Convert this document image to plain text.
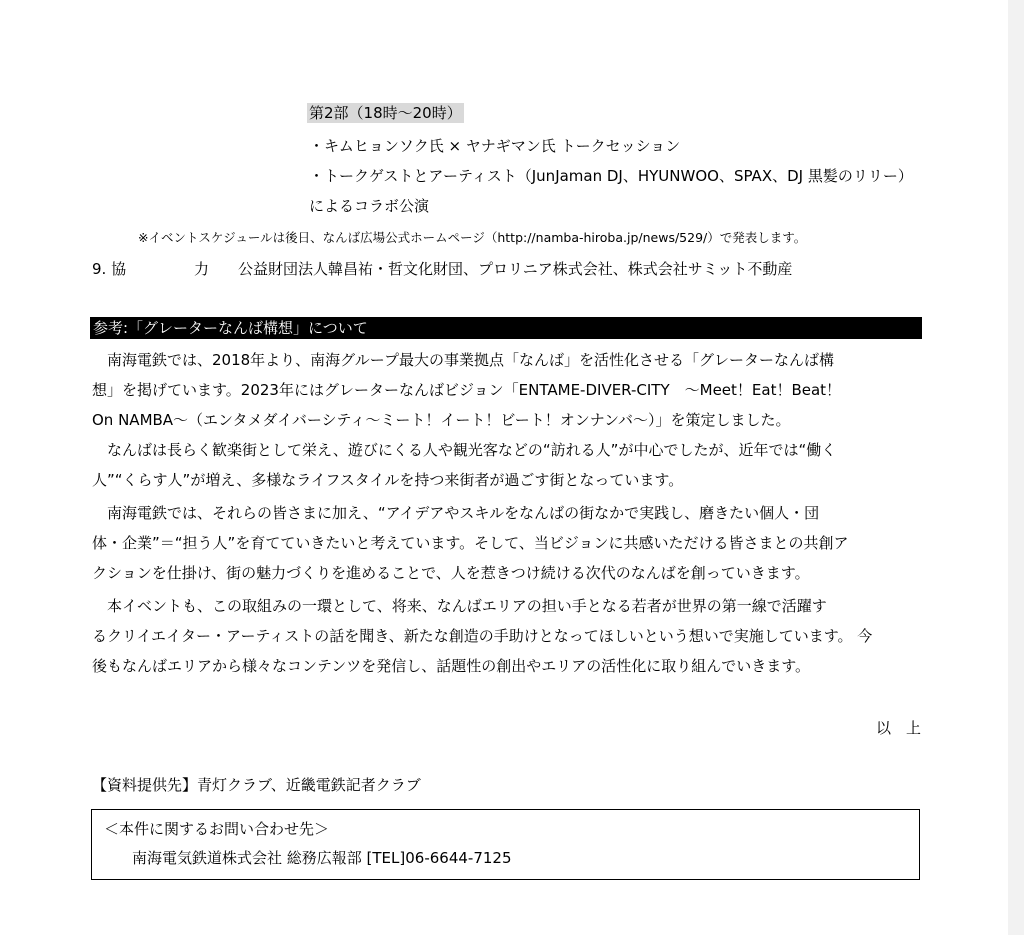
第2部（18時～20時）
・キムヒョンソク氏 × ヤナギマン氏 トークセッション
・トークゲストとアーティスト（JunJaman DJ、HYUNWOO、SPAX、DJ 黒髪のリリー）
によるコラボ公演
※イベントスケジュールは後日、なんば広場公式ホームページ（http://namba-hiroba.jp/news/529/）で発表します。
9. 協	力 公益財団法人韓昌祐・哲文化財団、プロリニア株式会社、株式会社サミット不動産
参考:「グレーターなんば構想」について
　南海電鉄では、2018年より、南海グループ最大の事業拠点「なんば」を活性化させる「グレーターなんば構
想」を掲げています。2023年にはグレーターなんばビジョン「ENTAME-DIVER-CITY　～Meet！Eat！Beat！
On NAMBA～（エンタメダイバーシティ～ミート！イート！ビート！オンナンバ～）」を策定しました。
　なんばは長らく歓楽街として栄え、遊びにくる人や観光客などの“訪れる人”が中心でしたが、近年では“働く
人”“くらす人”が増え、多様なライフスタイルを持つ来街者が過ごす街となっています。
　南海電鉄では、それらの皆さまに加え、“アイデアやスキルをなんばの街なかで実践し、磨きたい個人・団
体・企業”＝“担う人”を育てていきたいと考えています。そして、当ビジョンに共感いただける皆さまとの共創ア
クションを仕掛け、街の魅力づくりを進めることで、人を惹きつけ続ける次代のなんばを創っていきます。
　本イベントも、この取組みの一環として、将来、なんばエリアの担い手となる若者が世界の第一線で活躍す
るクリイエイター・アーティストの話を聞き、新たな創造の手助けとなってほしいという想いで実施しています。 今
後もなんばエリアから様々なコンテンツを発信し、話題性の創出やエリアの活性化に取り組んでいきます。
以　上
【資料提供先】青灯クラブ、近畿電鉄記者クラブ
＜本件に関するお問い合わせ先＞
南海電気鉄道株式会社 総務広報部 [TEL]06-6644-7125
